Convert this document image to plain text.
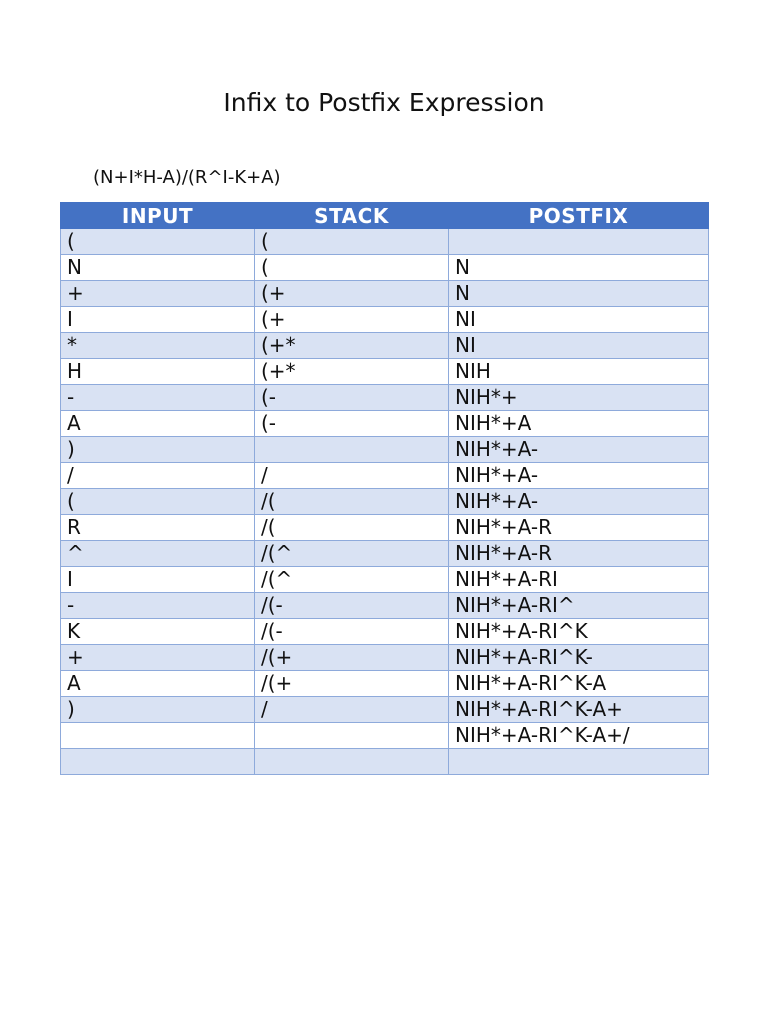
Infix to Postfix Expression
(N+I*H-A)/(R^I-K+A)
INPUT	STACK	POSTFIX
(	(	
N	(	N
+	(+	N
I	(+	NI
*	(+*	NI
H	(+*	NIH
-	(-	NIH*+
A	(-	NIH*+A
)		NIH*+A-
/	/	NIH*+A-
(	/(	NIH*+A-
R	/(	NIH*+A-R
^	/(^	NIH*+A-R
I	/(^	NIH*+A-RI
-	/(-	NIH*+A-RI^
K	/(-	NIH*+A-RI^K
+	/(+	NIH*+A-RI^K-
A	/(+	NIH*+A-RI^K-A
)	/	NIH*+A-RI^K-A+
		NIH*+A-RI^K-A+/
